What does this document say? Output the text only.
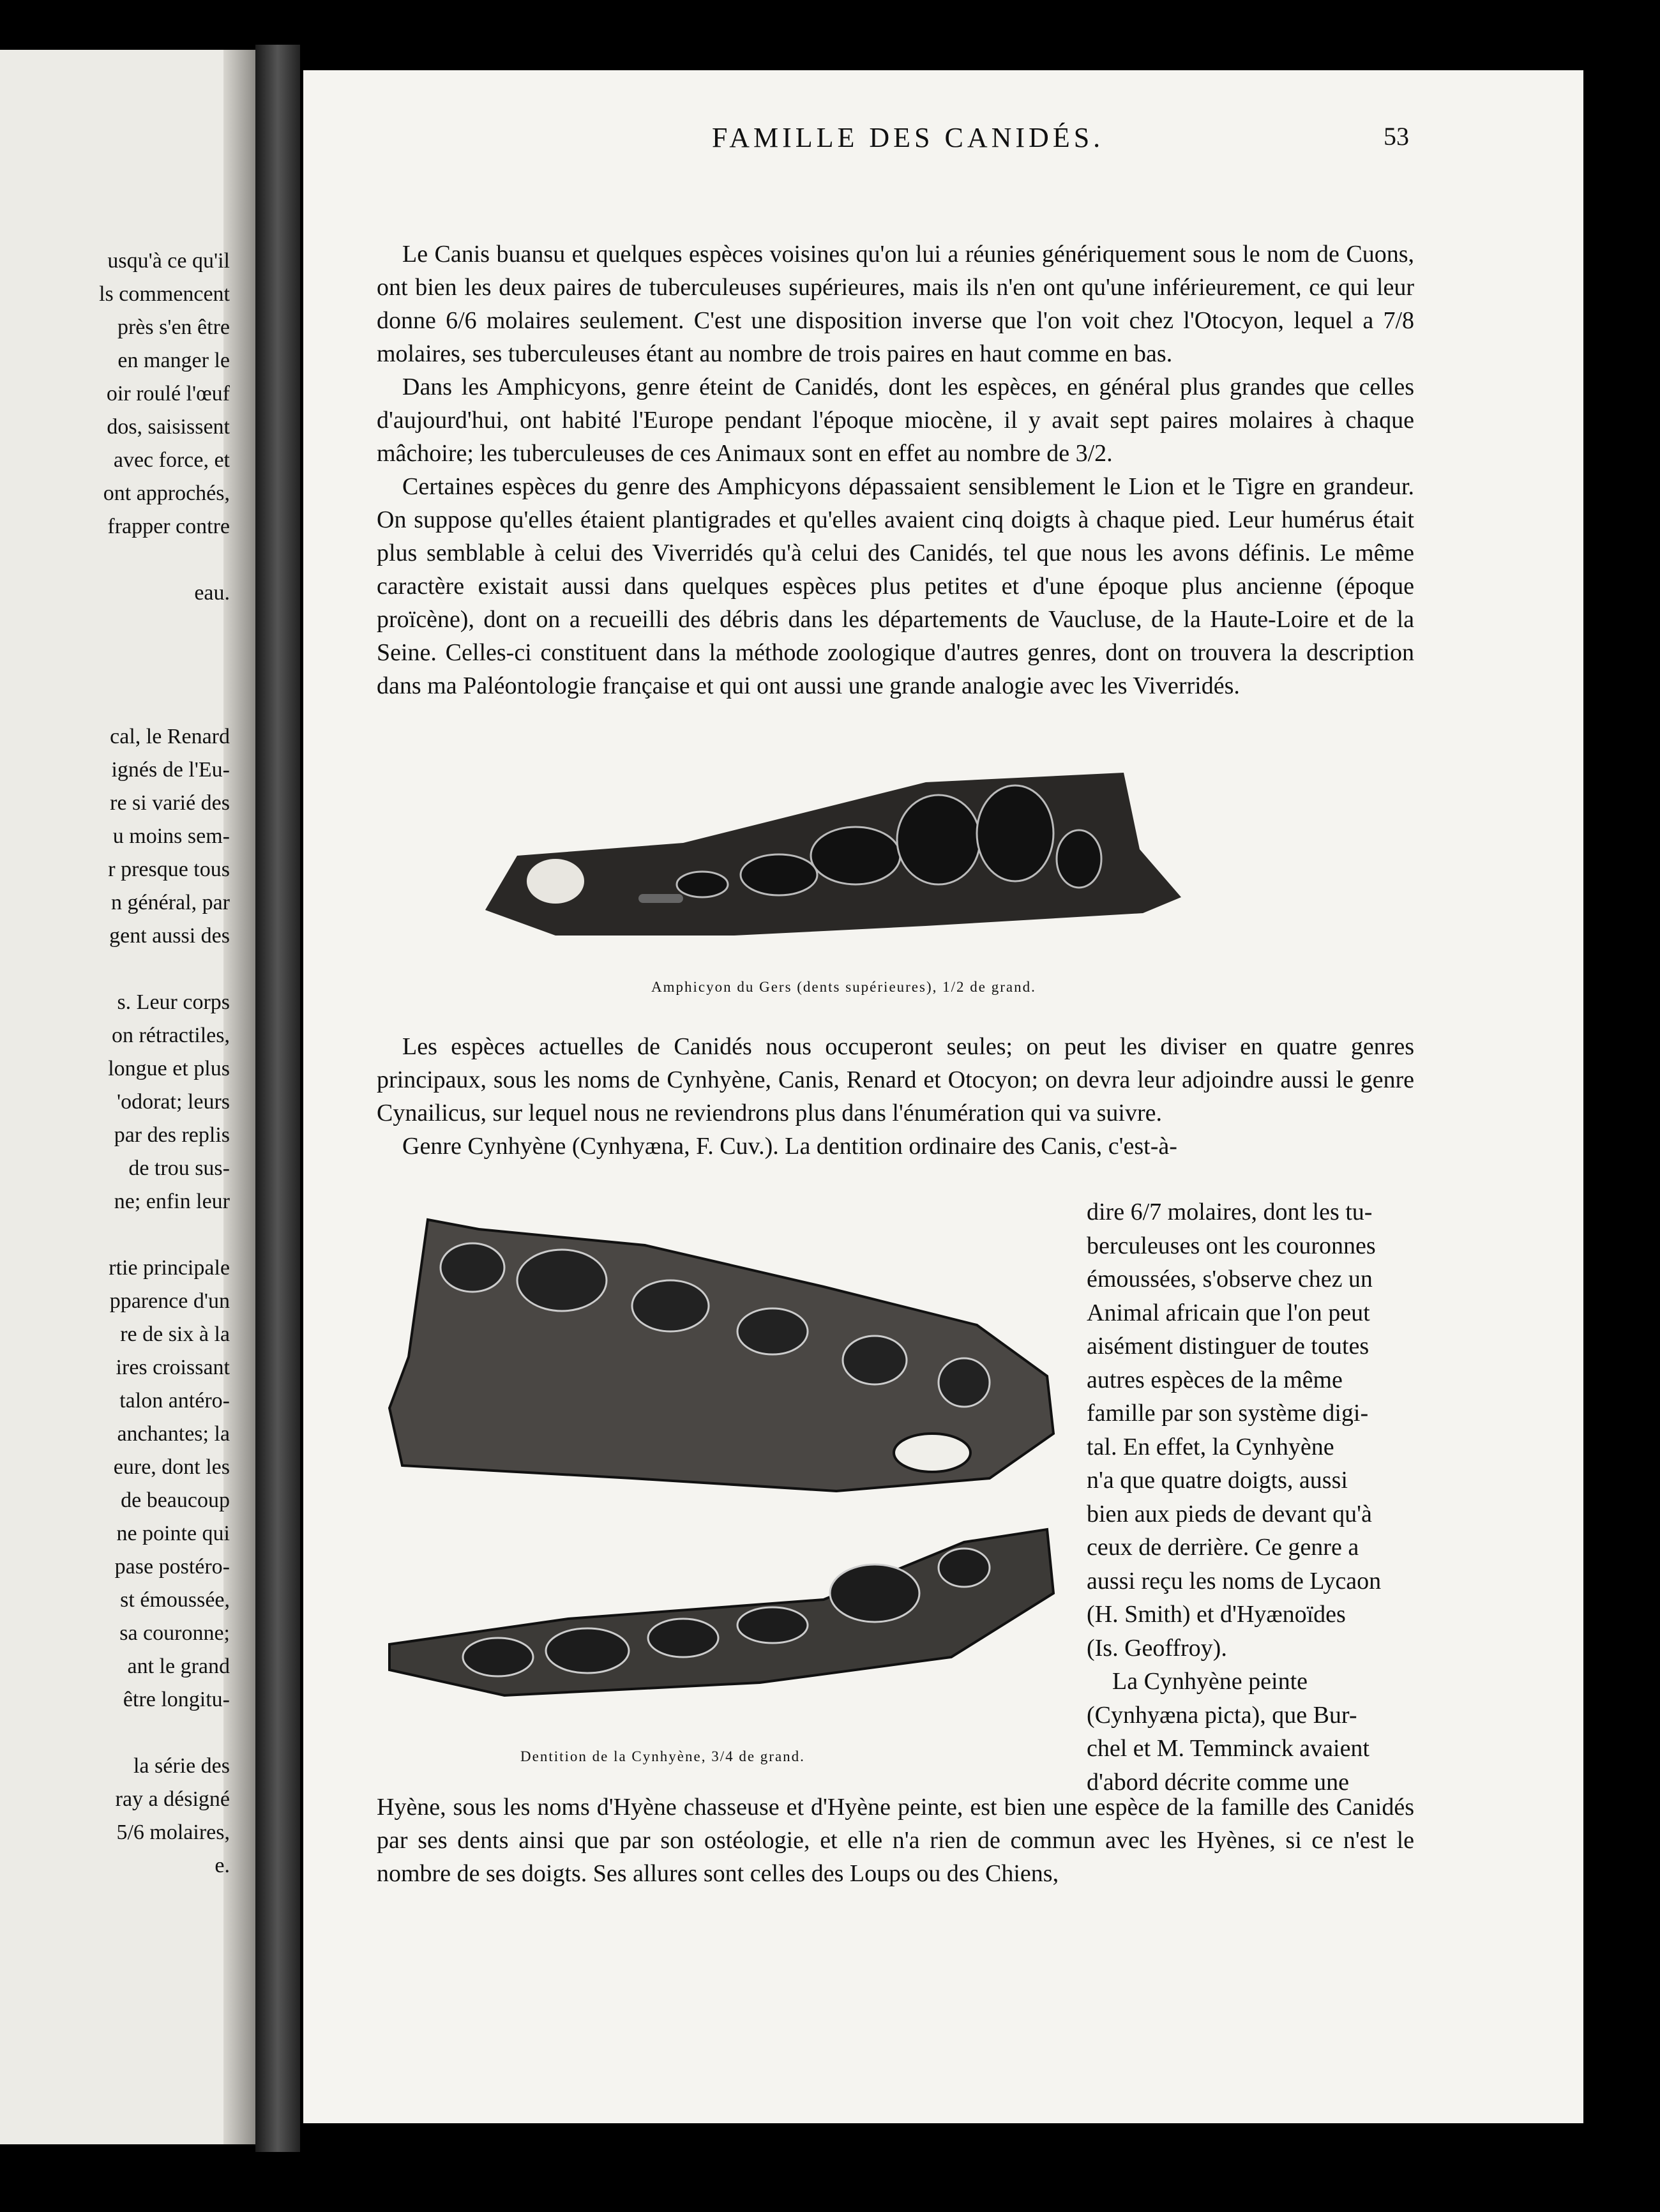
usqu'à ce qu'il
ls commencent
près s'en être
en manger le
oir roulé l'œuf
dos, saisissent
avec force, et
ont approchés,
frapper contre
eau.
cal, le Renard
ignés de l'Eu-
re si varié des
u moins sem-
r presque tous
n général, par
gent aussi des
s. Leur corps
on rétractiles,
longue et plus
'odorat; leurs
par des replis
de trou sus-
ne; enfin leur
rtie principale
pparence d'un
re de six à la
ires croissant
talon antéro-
anchantes; la
eure, dont les
de beaucoup
ne pointe qui
pase postéro-
st émoussée,
sa couronne;
ant le grand
être longitu-
la série des
ray a désigné
5/6 molaires,
e.
FAMILLE DES CANIDÉS.	53

Le Canis buansu et quelques espèces voisines qu'on lui a réunies génériquement sous le nom de Cuons, ont bien les deux paires de tuberculeuses supérieures, mais ils n'en ont qu'une inférieurement, ce qui leur donne 6/6 molaires seulement. C'est une disposition inverse que l'on voit chez l'Otocyon, lequel a 7/8 molaires, ses tuberculeuses étant au nombre de trois paires en haut comme en bas.

Dans les Amphicyons, genre éteint de Canidés, dont les espèces, en général plus grandes que celles d'aujourd'hui, ont habité l'Europe pendant l'époque miocène, il y avait sept paires molaires à chaque mâchoire; les tuberculeuses de ces Animaux sont en effet au nombre de 3/2.

Certaines espèces du genre des Amphicyons dépassaient sensiblement le Lion et le Tigre en grandeur. On suppose qu'elles étaient plantigrades et qu'elles avaient cinq doigts à chaque pied. Leur humérus était plus semblable à celui des Viverridés qu'à celui des Canidés, tel que nous les avons définis. Le même caractère existait aussi dans quelques espèces plus petites et d'une époque plus ancienne (époque proïcène), dont on a recueilli des débris dans les départements de Vaucluse, de la Haute-Loire et de la Seine. Celles-ci constituent dans la méthode zoologique d'autres genres, dont on trouvera la description dans ma Paléontologie française et qui ont aussi une grande analogie avec les Viverridés.

Amphicyon du Gers (dents supérieures), 1/2 de grand.

Les espèces actuelles de Canidés nous occuperont seules; on peut les diviser en quatre genres principaux, sous les noms de Cynhyène, Canis, Renard et Otocyon; on devra leur adjoindre aussi le genre Cynailicus, sur lequel nous ne reviendrons plus dans l'énumération qui va suivre.

Genre Cynhyène (Cynhyæna, F. Cuv.). La dentition ordinaire des Canis, c'est-à-

dire 6/7 molaires, dont les tu-
berculeuses ont les couronnes
émoussées, s'observe chez un
Animal africain que l'on peut
aisément distinguer de toutes
autres espèces de la même
famille par son système digi-
tal. En effet, la Cynhyène
n'a que quatre doigts, aussi
bien aux pieds de devant qu'à
ceux de derrière. Ce genre a
aussi reçu les noms de Lycaon
(H. Smith) et d'Hyænoïdes
(Is. Geoffroy).
La Cynhyène peinte
(Cynhyæna picta), que Bur-
chel et M. Temminck avaient
d'abord décrite comme une
Dentition de la Cynhyène, 3/4 de grand.

Hyène, sous les noms d'Hyène chasseuse et d'Hyène peinte, est bien une espèce de la famille des Canidés par ses dents ainsi que par son ostéologie, et elle n'a rien de commun avec les Hyènes, si ce n'est le nombre de ses doigts. Ses allures sont celles des Loups ou des Chiens,
